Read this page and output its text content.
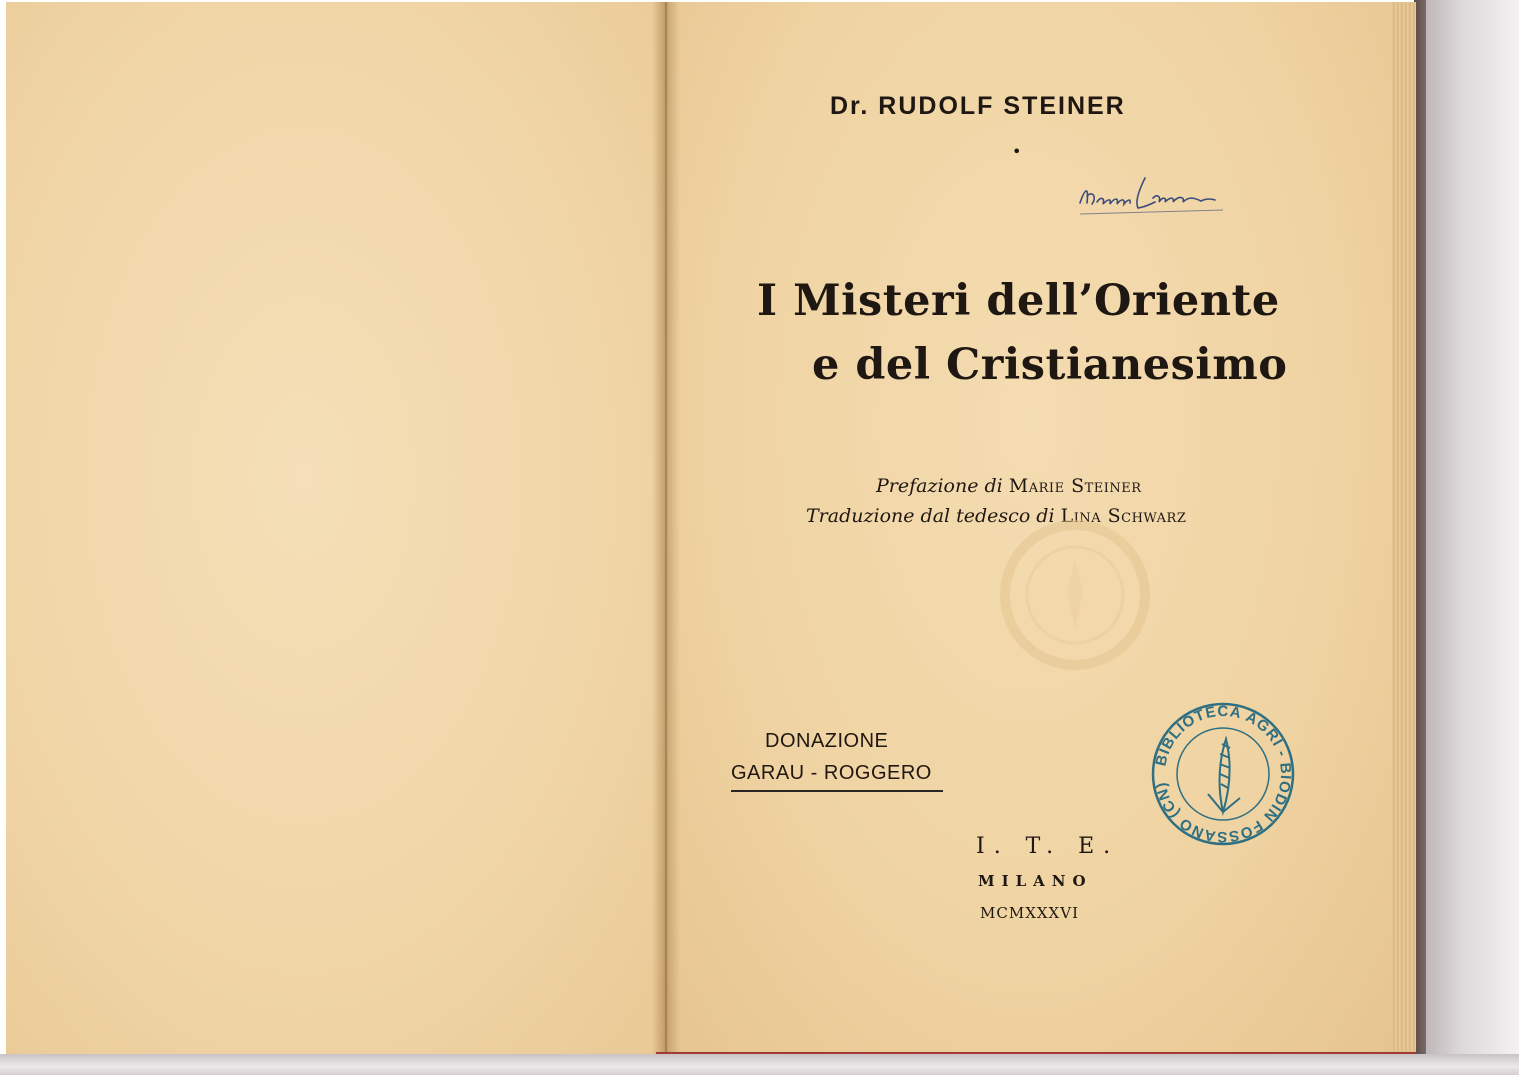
Dr. RUDOLF STEINER
•
I Misteri dell’Oriente
e del Cristianesimo
Prefazione di Marie Steiner
Traduzione dal tedesco di Lina Schwarz
DONAZIONE
GARAU - ROGGERO
BIBLIOTECA AGRI - BIODIN FOSSANO (CN)
I. T. E.
MILANO
MCMXXXVI
